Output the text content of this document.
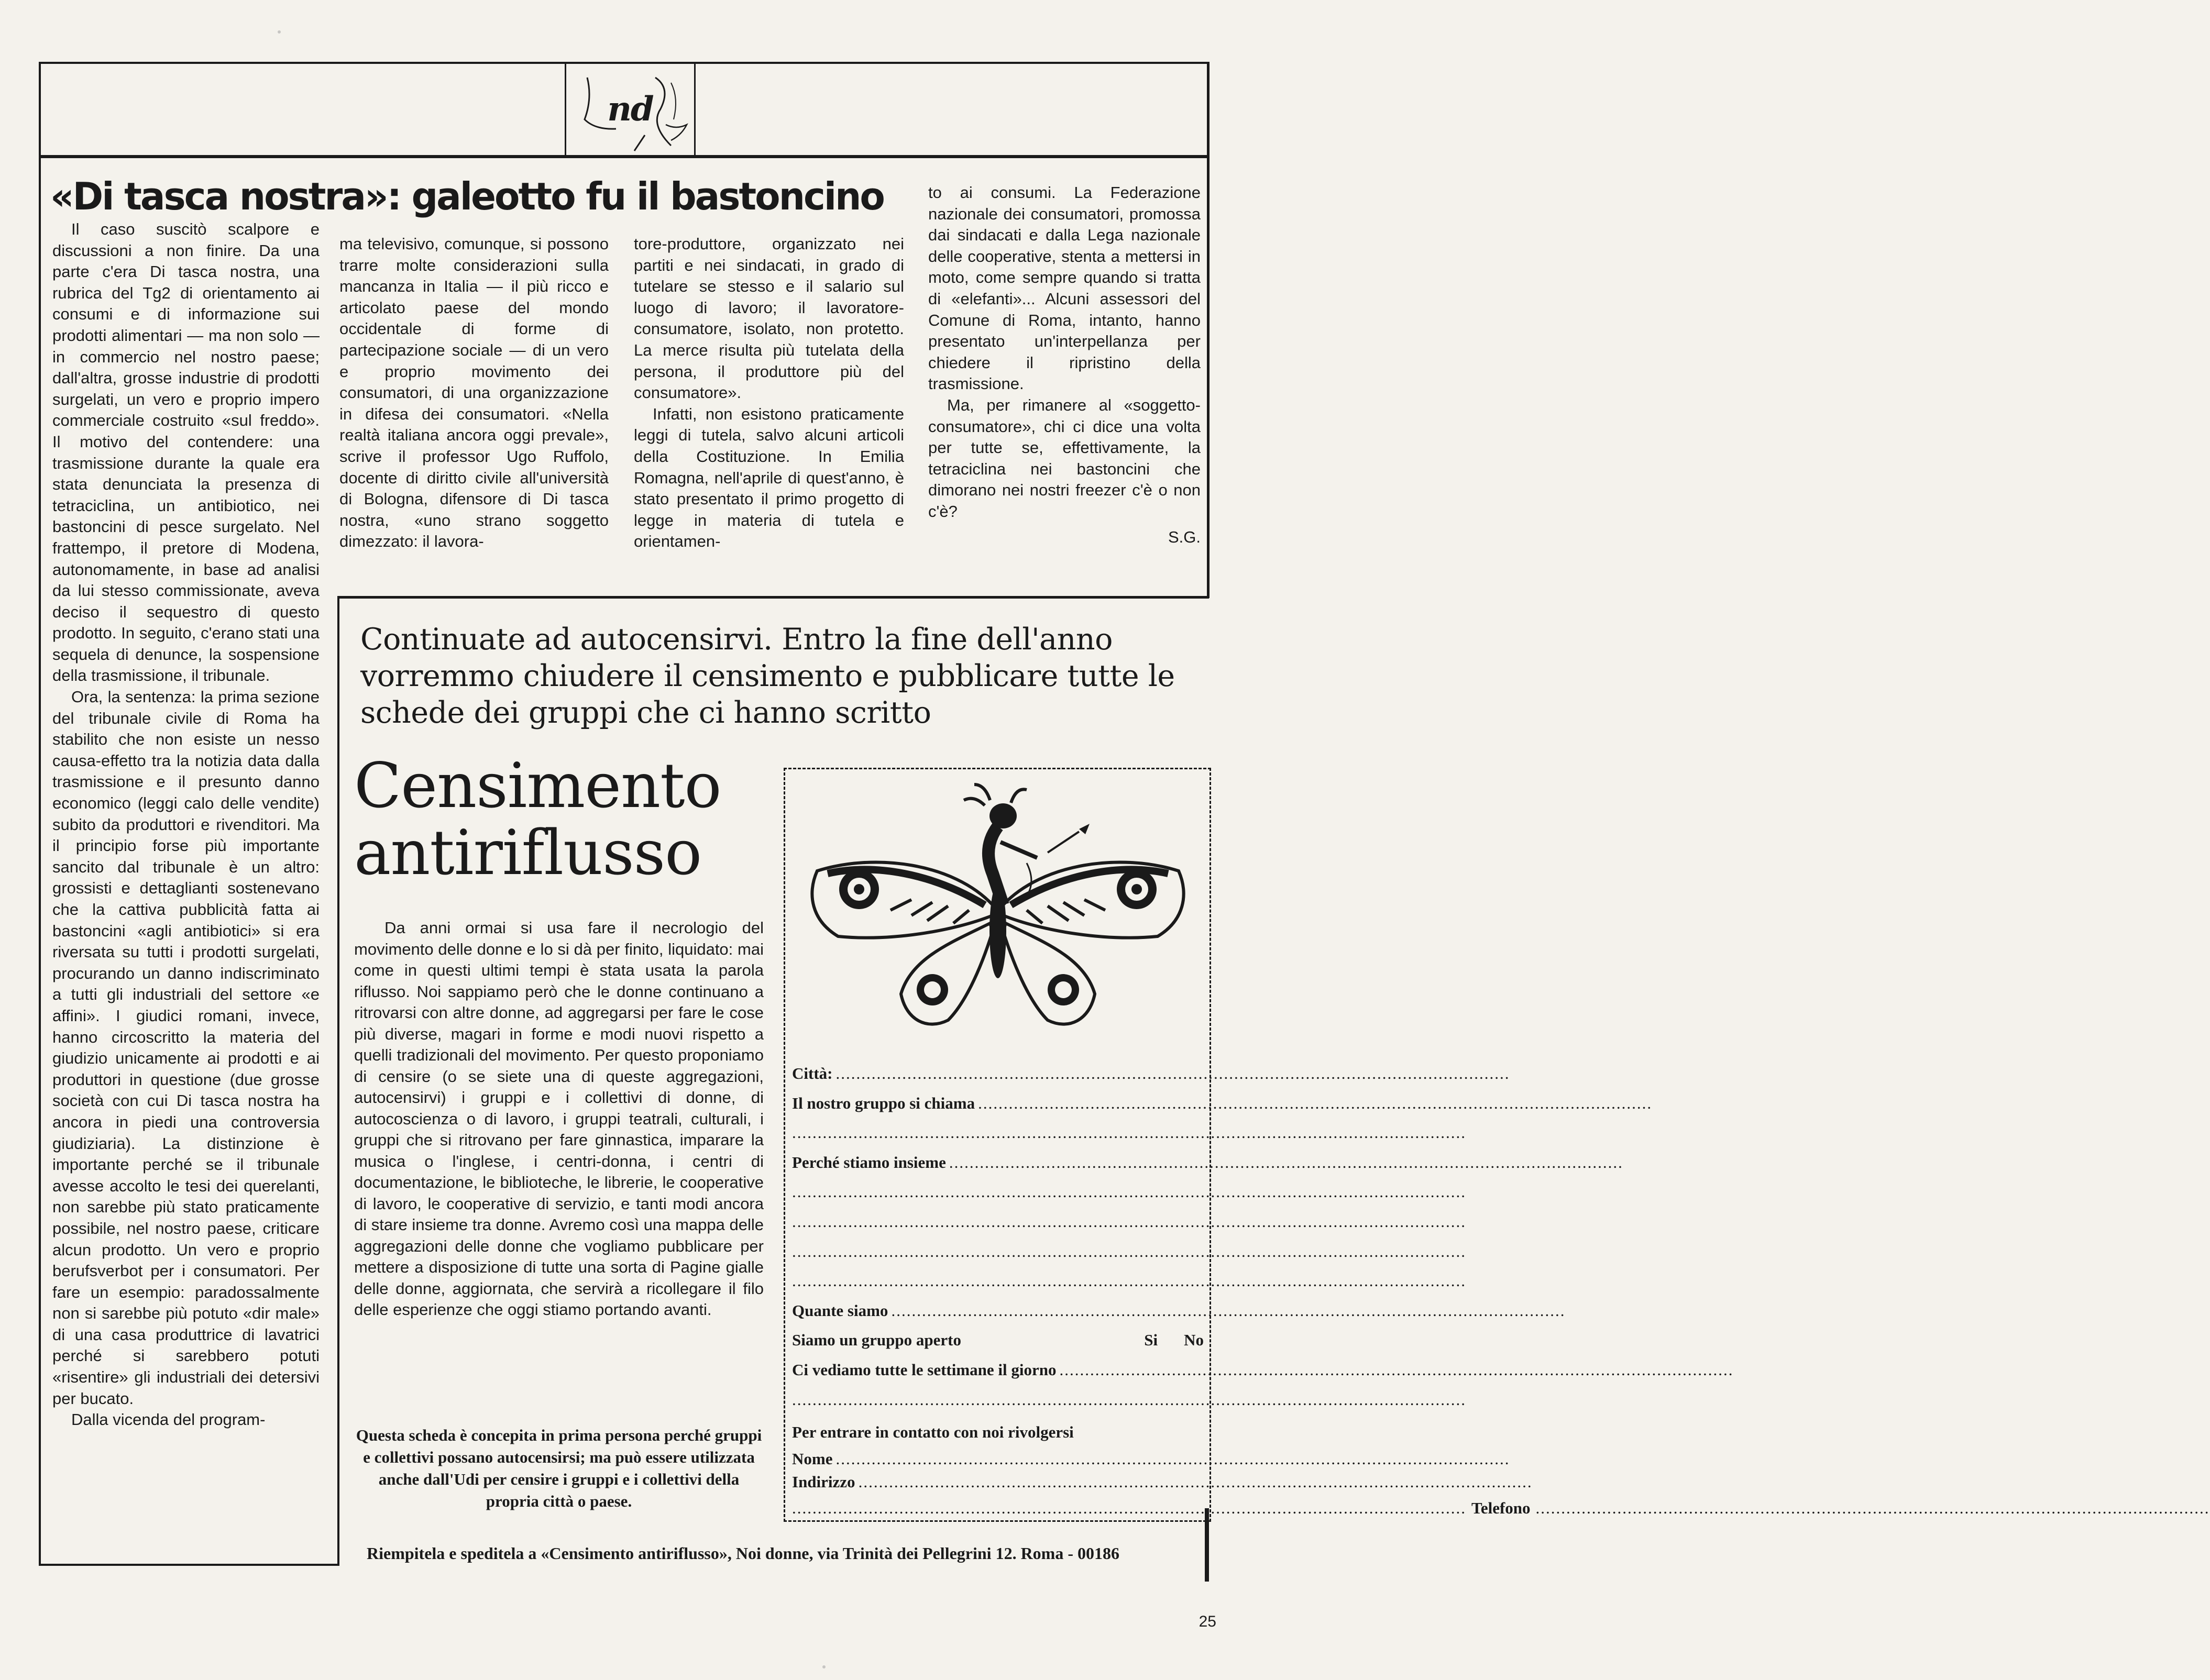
nd
«Di tasca nostra»: galeotto fu il bastoncino

Il caso suscitò scalpore e discussioni a non finire. Da una parte c'era Di tasca nostra, una rubrica del Tg2 di orientamento ai consumi e di informazione sui prodotti alimentari — ma non solo — in commercio nel nostro paese; dall'altra, grosse industrie di prodotti surgelati, un vero e proprio impero commerciale costruito «sul freddo». Il motivo del contendere: una trasmissione durante la quale era stata denunciata la presenza di tetraciclina, un antibiotico, nei bastoncini di pesce surgelato. Nel frattempo, il pretore di Modena, autonomamente, in base ad analisi da lui stesso commissionate, aveva deciso il sequestro di questo prodotto. In seguito, c'erano stati una sequela di denunce, la sospensione della trasmissione, il tribunale.

Ora, la sentenza: la prima sezione del tribunale civile di Roma ha stabilito che non esiste un nesso causa-effetto tra la notizia data dalla trasmissione e il presunto danno economico (leggi calo delle vendite) subito da produttori e rivenditori. Ma il principio forse più importante sancito dal tribunale è un altro: grossisti e dettaglianti sostenevano che la cattiva pubblicità fatta ai bastoncini «agli antibiotici» si era riversata su tutti i prodotti surgelati, procurando un danno indiscriminato a tutti gli industriali del settore «e affini». I giudici romani, invece, hanno circoscritto la materia del giudizio unicamente ai prodotti e ai produttori in questione (due grosse società con cui Di tasca nostra ha ancora in piedi una controversia giudiziaria). La distinzione è importante perché se il tribunale avesse accolto le tesi dei querelanti, non sarebbe più stato praticamente possibile, nel nostro paese, criticare alcun prodotto. Un vero e proprio berufsverbot per i consumatori. Per fare un esempio: paradossalmente non si sarebbe più potuto «dir male» di una casa produttrice di lavatrici perché si sarebbero potuti «risentire» gli industriali dei detersivi per bucato.

Dalla vicenda del program-

ma televisivo, comunque, si possono trarre molte considerazioni sulla mancanza in Italia — il più ricco e articolato paese del mondo occidentale di forme di partecipazione sociale — di un vero e proprio movimento dei consumatori, di una organizzazione in difesa dei consumatori. «Nella realtà italiana ancora oggi prevale», scrive il professor Ugo Ruffolo, docente di diritto civile all'università di Bologna, difensore di Di tasca nostra, «uno strano soggetto dimezzato: il lavora-

tore-produttore, organizzato nei partiti e nei sindacati, in grado di tutelare se stesso e il salario sul luogo di lavoro; il lavoratore-consumatore, isolato, non protetto. La merce risulta più tutelata della persona, il produttore più del consumatore».

Infatti, non esistono praticamente leggi di tutela, salvo alcuni articoli della Costituzione. In Emilia Romagna, nell'aprile di quest'anno, è stato presentato il primo progetto di legge in materia di tutela e orientamen-

to ai consumi. La Federazione nazionale dei consumatori, promossa dai sindacati e dalla Lega nazionale delle cooperative, stenta a mettersi in moto, come sempre quando si tratta di «elefanti»... Alcuni assessori del Comune di Roma, intanto, hanno presentato un'interpellanza per chiedere il ripristino della trasmissione.

Ma, per rimanere al «soggetto-consumatore», chi ci dice una volta per tutte se, effettivamente, la tetraciclina nei bastoncini che dimorano nei nostri freezer c'è o non c'è?

S.G.

Continuate ad autocensirvi. Entro la fine dell'anno vorremmo chiudere il censimento e pubblicare tutte le schede dei gruppi che ci hanno scritto
Censimento
antiriflusso

Da anni ormai si usa fare il necrologio del movimento delle donne e lo si dà per finito, liquidato: mai come in questi ultimi tempi è stata usata la parola riflusso. Noi sappiamo però che le donne continuano a ritrovarsi con altre donne, ad aggregarsi per fare le cose più diverse, magari in forme e modi nuovi rispetto a quelli tradizionali del movimento. Per questo proponiamo di censire (o se siete una di queste aggregazioni, autocensirvi) i gruppi e i collettivi di donne, di autocoscienza o di lavoro, i gruppi teatrali, culturali, i gruppi che si ritrovano per fare ginnastica, imparare la musica o l'inglese, i centri-donna, i centri di documentazione, le biblioteche, le librerie, le cooperative di lavoro, le cooperative di servizio, e tanti modi ancora di stare insieme tra donne. Avremo così una mappa delle aggregazioni delle donne che vogliamo pubblicare per mettere a disposizione di tutte una sorta di Pagine gialle delle donne, aggiornata, che servirà a ricollegare il filo delle esperienze che oggi stiamo portando avanti.

Questa scheda è concepita in prima persona perché gruppi e collettivi possano autocensirsi; ma può essere utilizzata anche dall'Udi per censire i gruppi e i collettivi della propria città o paese.
Riempitela e speditela a «Censimento antiriflusso», Noi donne, via Trinità dei Pellegrini 12. Roma - 00186
Città: ....................................................................................................................................
Il nostro gruppo si chiama ....................................................................................................................................
....................................................................................................................................
Perché stiamo insieme ....................................................................................................................................
....................................................................................................................................
....................................................................................................................................
....................................................................................................................................
....................................................................................................................................
Quante siamo ....................................................................................................................................
Siamo un gruppo aperto	Si	No
Ci vediamo tutte le settimane il giorno ....................................................................................................................................
....................................................................................................................................
Per entrare in contatto con noi rivolgersi
Nome ....................................................................................................................................
Indirizzo ....................................................................................................................................
.................................................................................................................................... Telefono ....................................................................................................................................
25
